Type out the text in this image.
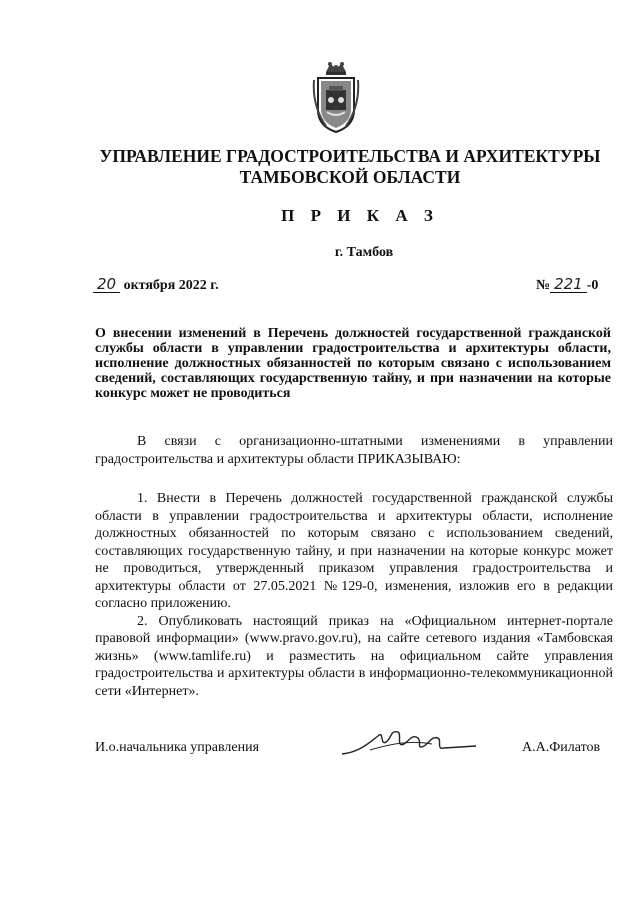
УПРАВЛЕНИЕ ГРАДОСТРОИТЕЛЬСТВА И АРХИТЕКТУРЫ
ТАМБОВСКОЙ ОБЛАСТИ
П Р И К А З
г. Тамбов
20 октября 2022 г.	№ 221 -0
О внесении изменений в Перечень должностей государственной гражданской службы области в управлении градостроительства и архитектуры области, исполнение должностных обязанностей по которым связано с использованием сведений, составляющих государственную тайну, и при назначении на которые конкурс может не проводиться

В связи с организационно-штатными изменениями в управлении градостроительства и архитектуры области ПРИКАЗЫВАЮ:

1. Внести в Перечень должностей государственной гражданской службы области в управлении градостроительства и архитектуры области, исполнение должностных обязанностей по которым связано с использованием сведений, составляющих государственную тайну, и при назначении на которые конкурс может не проводиться, утвержденный приказом управления градостроительства и архитектуры области от 27.05.2021 №129-0, изменения, изложив его в редакции согласно приложению.

2. Опубликовать настоящий приказ на «Официальном интернет-портале правовой информации» (www.pravo.gov.ru), на сайте сетевого издания «Тамбовская жизнь» (www.tamlife.ru) и разместить на официальном сайте управления градостроительства и архитектуры области в информационно-телекоммуникационной сети «Интернет».

И.о.начальника управления	А.А.Филатов
